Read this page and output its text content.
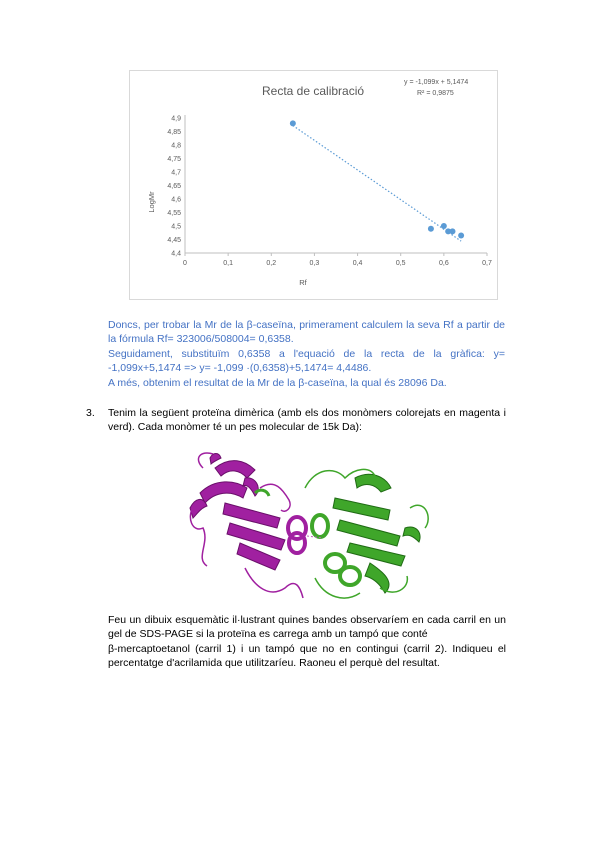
Recta de calibració
y = -1,099x + 5,1474
R² = 0,9875
LogMr
Rf
4,4
4,45
4,5
4,55
4,6
4,65
4,7
4,75
4,8
4,85
4,9
0	0,1	0,2	0,3	0,4	0,5	0,6	0,7

Doncs, per trobar la Mr de la β-caseïna, primerament calculem la seva Rf a partir de la fórmula Rf= 323006/508004= 0,6358.

Seguidament, substituïm 0,6358 a l'equació de la recta de la gràfica: y= -1,099x+5,1474 => y= -1,099 ·(0,6358)+5,1474= 4,4486.

A més, obtenim el resultat de la Mr de la β-caseïna, la qual és 28096 Da.

3. Tenim la següent proteïna dimèrica (amb els dos monòmers colorejats en magenta i verd). Cada monòmer té un pes molecular de 15k Da):

Feu un dibuix esquemàtic il·lustrant quines bandes observaríem en cada carril en un gel de SDS-PAGE si la proteïna es carrega amb un tampó que conté

β-mercaptoetanol (carril 1) i un tampó que no en contingui (carril 2). Indiqueu el percentatge d'acrilamida que utilitzaríeu. Raoneu el perquè del resultat.
